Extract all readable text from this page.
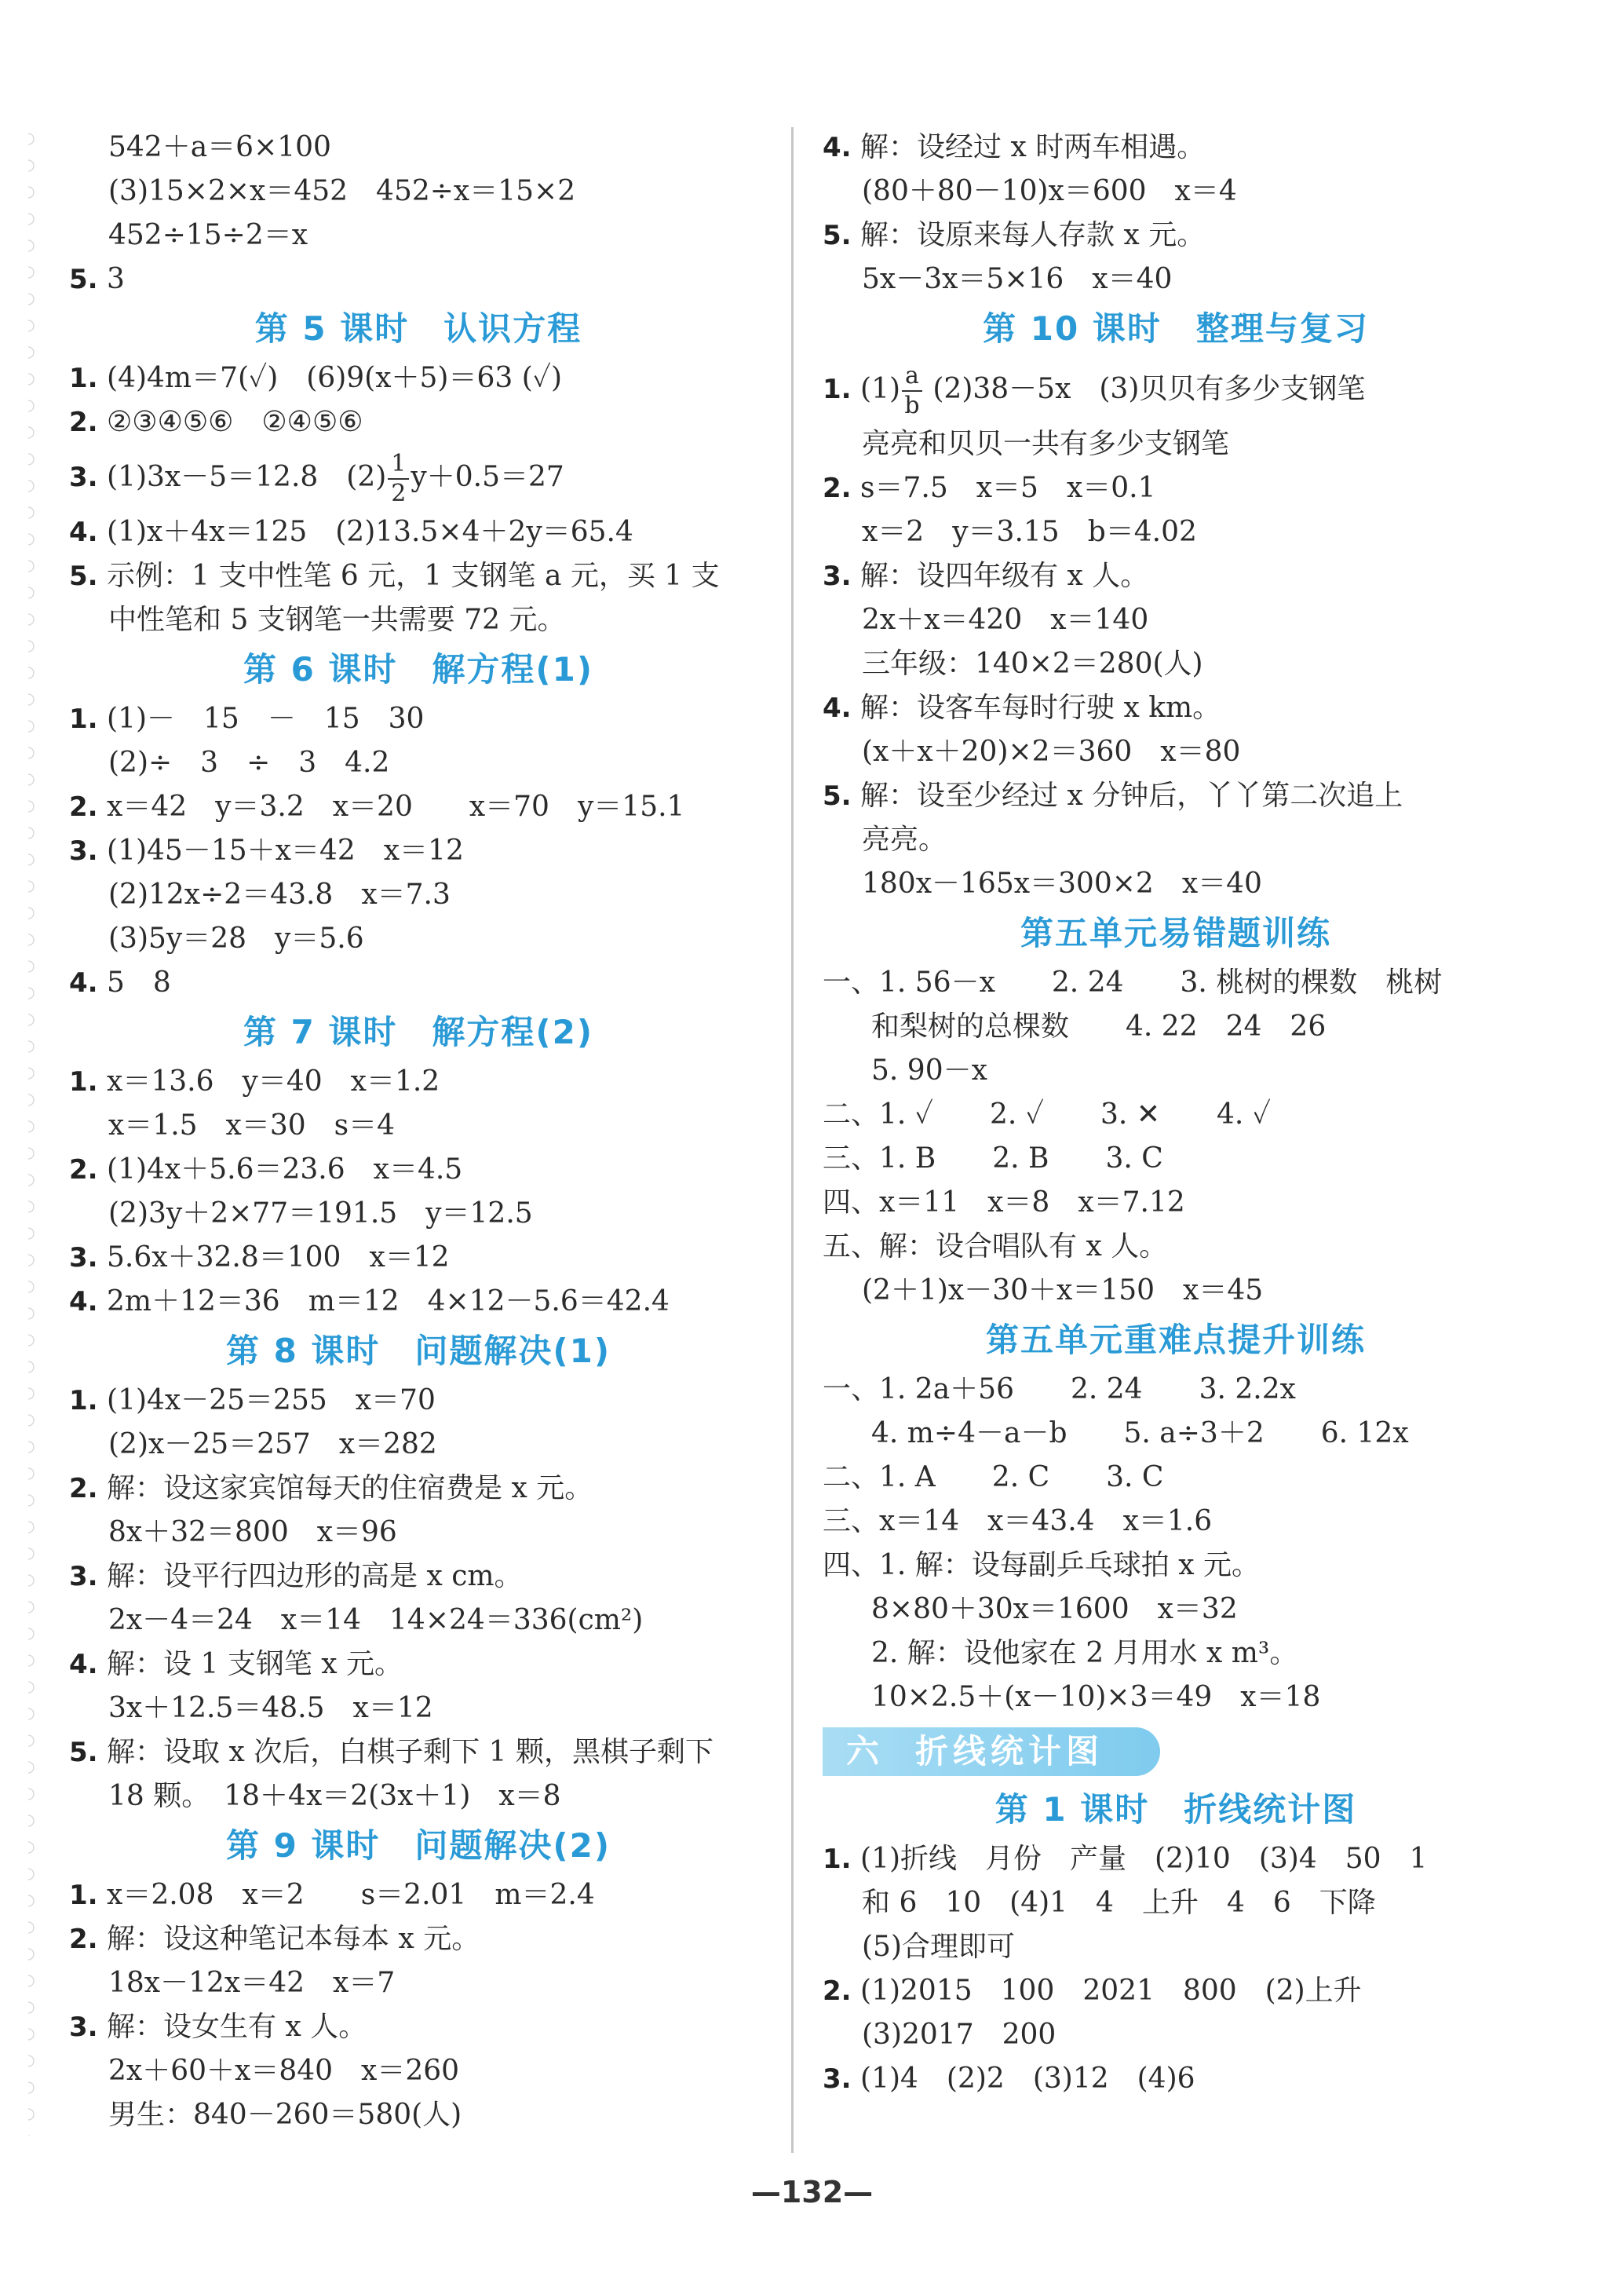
542＋a＝6×100
(3)15×2×x＝452　452÷x＝15×2
452÷15÷2＝x
5. 3
第 5 课时　认识方程
1. (4)4m＝7(✓)　(6)9(x＋5)＝63 (✓)
2. ②③④⑤⑥　②④⑤⑥
3. (1)3x－5＝12.8　$(2) \frac{1}{2} y+0.5=27$
4. (1)x＋4x＝125　(2)13.5×4＋2y＝65.4
5. 示例：1 支中性笔 6 元，1 支钢笔 a 元，买 1 支
中性笔和 5 支钢笔一共需要 72 元。
第 6 课时　解方程(1)
1. (1)－　15　－　15　30
(2)÷　3　÷　3　4.2
2. x＝42　y＝3.2　x＝20　　x＝70　y＝15.1
3. (1)45－15＋x＝42　x＝12
(2)12x÷2＝43.8　x＝7.3
(3)5y＝28　y＝5.6
4. 5　8
第 7 课时　解方程(2)
1. x＝13.6　y＝40　x＝1.2
x＝1.5　x＝30　s＝4
2. (1)4x＋5.6＝23.6　x＝4.5
(2)3y＋2×77＝191.5　y＝12.5
3. 5.6x＋32.8＝100　x＝12
4. 2m＋12＝36　m＝12　4×12－5.6＝42.4
第 8 课时　问题解决(1)
1. (1)4x－25＝255　x＝70
(2)x－25＝257　x＝282
2. 解：设这家宾馆每天的住宿费是 x 元。
8x＋32＝800　x＝96
3. 解：设平行四边形的高是 x cm。
2x－4＝24　x＝14　14×24＝336(cm²)
4. 解：设 1 支钢笔 x 元。
3x＋12.5＝48.5　x＝12
5. 解：设取 x 次后，白棋子剩下 1 颗，黑棋子剩下
18 颗。　18＋4x＝2(3x＋1)　x＝8
第 9 课时　问题解决(2)
1. x＝2.08　x＝2　　s＝2.01　m＝2.4
2. 解：设这种笔记本每本 x 元。
18x－12x＝42　x＝7
3. 解：设女生有 x 人。
2x＋60＋x＝840　x＝260
男生：840－260＝580(人)
4. 解：设经过 x 时两车相遇。
(80＋80－10)x＝600　x＝4
5. 解：设原来每人存款 x 元。
5x－3x＝5×16　x＝40
第 10 课时　整理与复习
1. $(1) \frac{a}{b} (2)38-5x$　(3)贝贝有多少支钢笔
亮亮和贝贝一共有多少支钢笔
2. s＝7.5　x＝5　x＝0.1
x＝2　y＝3.15　b＝4.02
3. 解：设四年级有 x 人。
2x＋x＝420　x＝140
三年级：140×2＝280(人)
4. 解：设客车每时行驶 x km。
(x＋x＋20)×2＝360　x＝80
5. 解：设至少经过 x 分钟后，丫丫第二次追上
亮亮。
180x－165x＝300×2　x＝40
第五单元易错题训练
一、1. 56－x　　2. 24　　3. 桃树的棵数　桃树
和梨树的总棵数　　4. 22　24　26
5. 90－x
二、1. ✓　　2. ✓　　3. ✕　　4. ✓
三、1. B　　2. B　　3. C
四、x＝11　x＝8　x＝7.12
五、解：设合唱队有 x 人。
(2＋1)x－30＋x＝150　x＝45
第五单元重难点提升训练
一、1. 2a＋56　　2. 24　　3. 2.2x
4. m÷4－a－b　　5. a÷3＋2　　6. 12x
二、1. A　　2. C　　3. C
三、x＝14　x＝43.4　x＝1.6
四、1. 解：设每副乒乓球拍 x 元。
8×80＋30x＝1600　x＝32
2. 解：设他家在 2 月用水 x m³。
10×2.5＋(x－10)×3＝49　x＝18
六 折线统计图
第 1 课时　折线统计图
1. (1)折线　月份　产量　(2)10　(3)4　50　1
和 6　10　(4)1　4　上升　4　6　下降
(5)合理即可
2. (1)2015　100　2021　800　(2)上升
(3)2017　200
3. (1)4　(2)2　(3)12　(4)6
—132—
